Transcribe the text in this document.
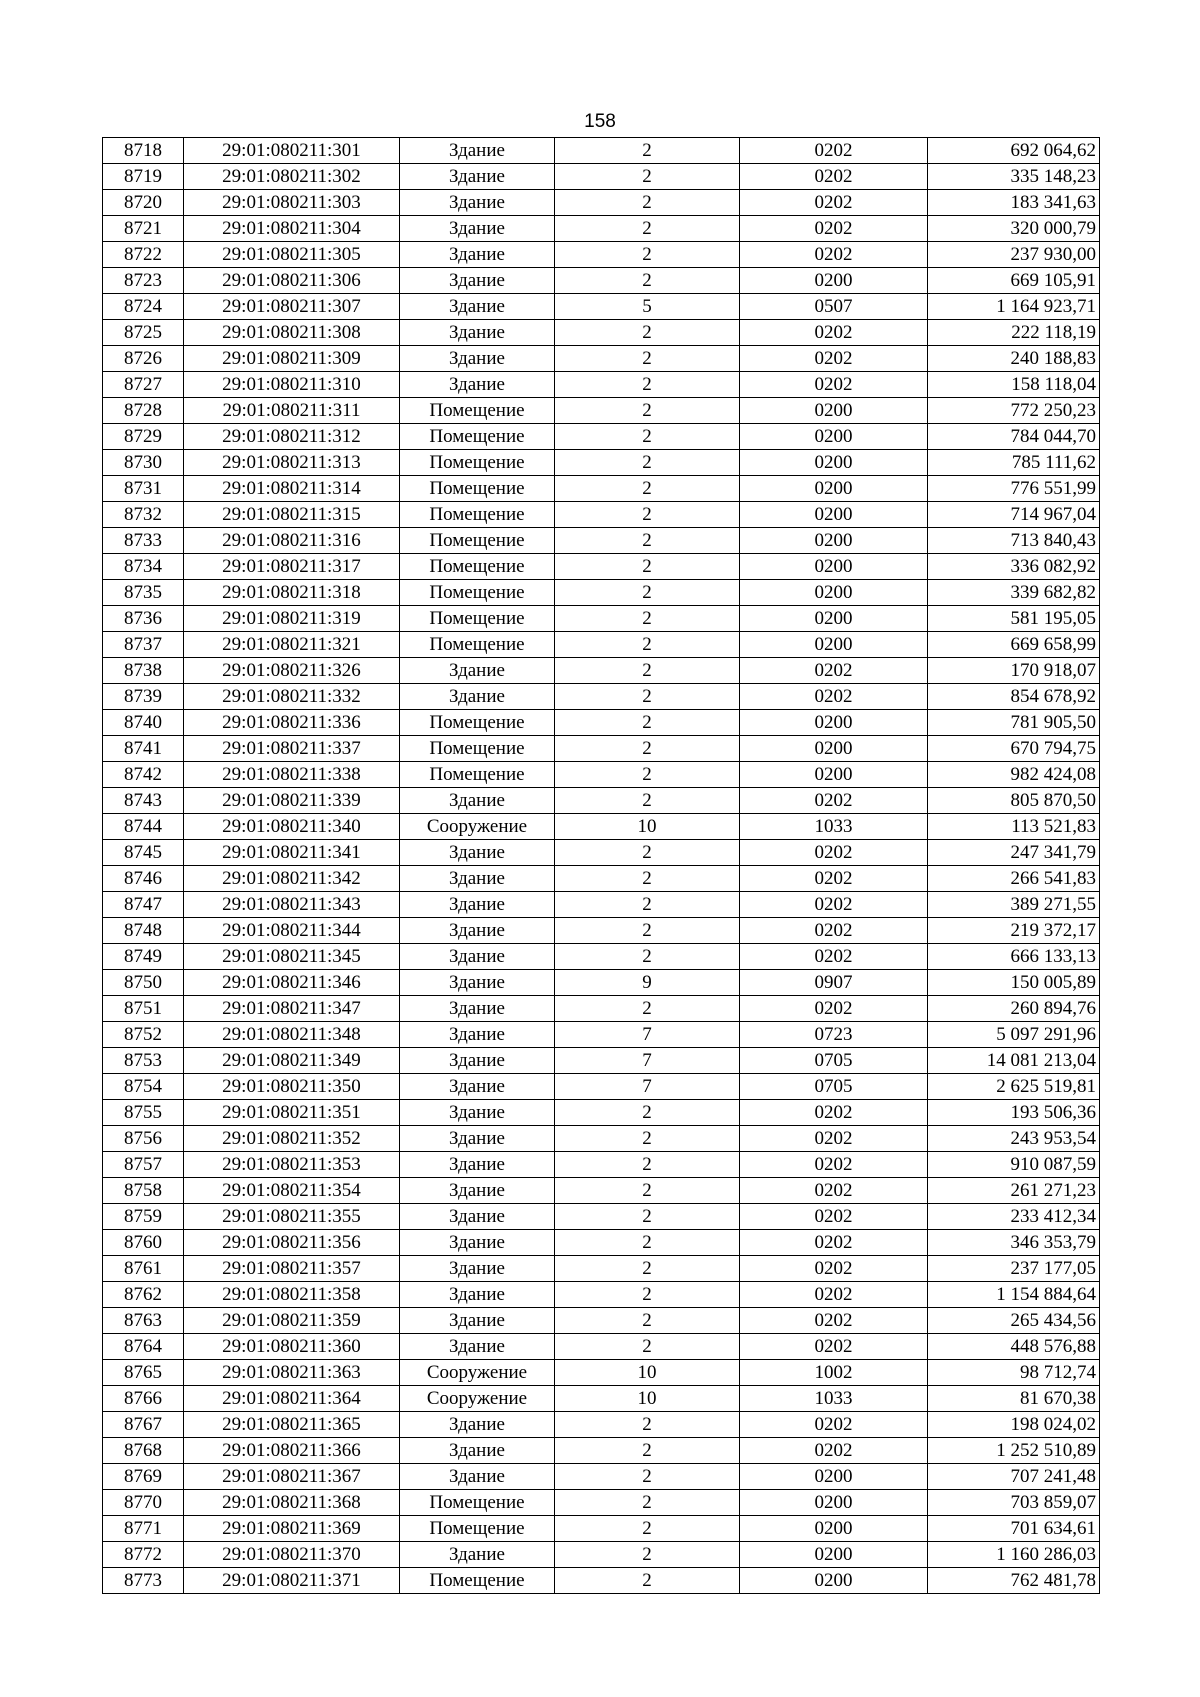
158
8718	29:01:080211:301	Здание	2	0202	692 064,62
8719	29:01:080211:302	Здание	2	0202	335 148,23
8720	29:01:080211:303	Здание	2	0202	183 341,63
8721	29:01:080211:304	Здание	2	0202	320 000,79
8722	29:01:080211:305	Здание	2	0202	237 930,00
8723	29:01:080211:306	Здание	2	0200	669 105,91
8724	29:01:080211:307	Здание	5	0507	1 164 923,71
8725	29:01:080211:308	Здание	2	0202	222 118,19
8726	29:01:080211:309	Здание	2	0202	240 188,83
8727	29:01:080211:310	Здание	2	0202	158 118,04
8728	29:01:080211:311	Помещение	2	0200	772 250,23
8729	29:01:080211:312	Помещение	2	0200	784 044,70
8730	29:01:080211:313	Помещение	2	0200	785 111,62
8731	29:01:080211:314	Помещение	2	0200	776 551,99
8732	29:01:080211:315	Помещение	2	0200	714 967,04
8733	29:01:080211:316	Помещение	2	0200	713 840,43
8734	29:01:080211:317	Помещение	2	0200	336 082,92
8735	29:01:080211:318	Помещение	2	0200	339 682,82
8736	29:01:080211:319	Помещение	2	0200	581 195,05
8737	29:01:080211:321	Помещение	2	0200	669 658,99
8738	29:01:080211:326	Здание	2	0202	170 918,07
8739	29:01:080211:332	Здание	2	0202	854 678,92
8740	29:01:080211:336	Помещение	2	0200	781 905,50
8741	29:01:080211:337	Помещение	2	0200	670 794,75
8742	29:01:080211:338	Помещение	2	0200	982 424,08
8743	29:01:080211:339	Здание	2	0202	805 870,50
8744	29:01:080211:340	Сооружение	10	1033	113 521,83
8745	29:01:080211:341	Здание	2	0202	247 341,79
8746	29:01:080211:342	Здание	2	0202	266 541,83
8747	29:01:080211:343	Здание	2	0202	389 271,55
8748	29:01:080211:344	Здание	2	0202	219 372,17
8749	29:01:080211:345	Здание	2	0202	666 133,13
8750	29:01:080211:346	Здание	9	0907	150 005,89
8751	29:01:080211:347	Здание	2	0202	260 894,76
8752	29:01:080211:348	Здание	7	0723	5 097 291,96
8753	29:01:080211:349	Здание	7	0705	14 081 213,04
8754	29:01:080211:350	Здание	7	0705	2 625 519,81
8755	29:01:080211:351	Здание	2	0202	193 506,36
8756	29:01:080211:352	Здание	2	0202	243 953,54
8757	29:01:080211:353	Здание	2	0202	910 087,59
8758	29:01:080211:354	Здание	2	0202	261 271,23
8759	29:01:080211:355	Здание	2	0202	233 412,34
8760	29:01:080211:356	Здание	2	0202	346 353,79
8761	29:01:080211:357	Здание	2	0202	237 177,05
8762	29:01:080211:358	Здание	2	0202	1 154 884,64
8763	29:01:080211:359	Здание	2	0202	265 434,56
8764	29:01:080211:360	Здание	2	0202	448 576,88
8765	29:01:080211:363	Сооружение	10	1002	98 712,74
8766	29:01:080211:364	Сооружение	10	1033	81 670,38
8767	29:01:080211:365	Здание	2	0202	198 024,02
8768	29:01:080211:366	Здание	2	0202	1 252 510,89
8769	29:01:080211:367	Здание	2	0200	707 241,48
8770	29:01:080211:368	Помещение	2	0200	703 859,07
8771	29:01:080211:369	Помещение	2	0200	701 634,61
8772	29:01:080211:370	Здание	2	0200	1 160 286,03
8773	29:01:080211:371	Помещение	2	0200	762 481,78
